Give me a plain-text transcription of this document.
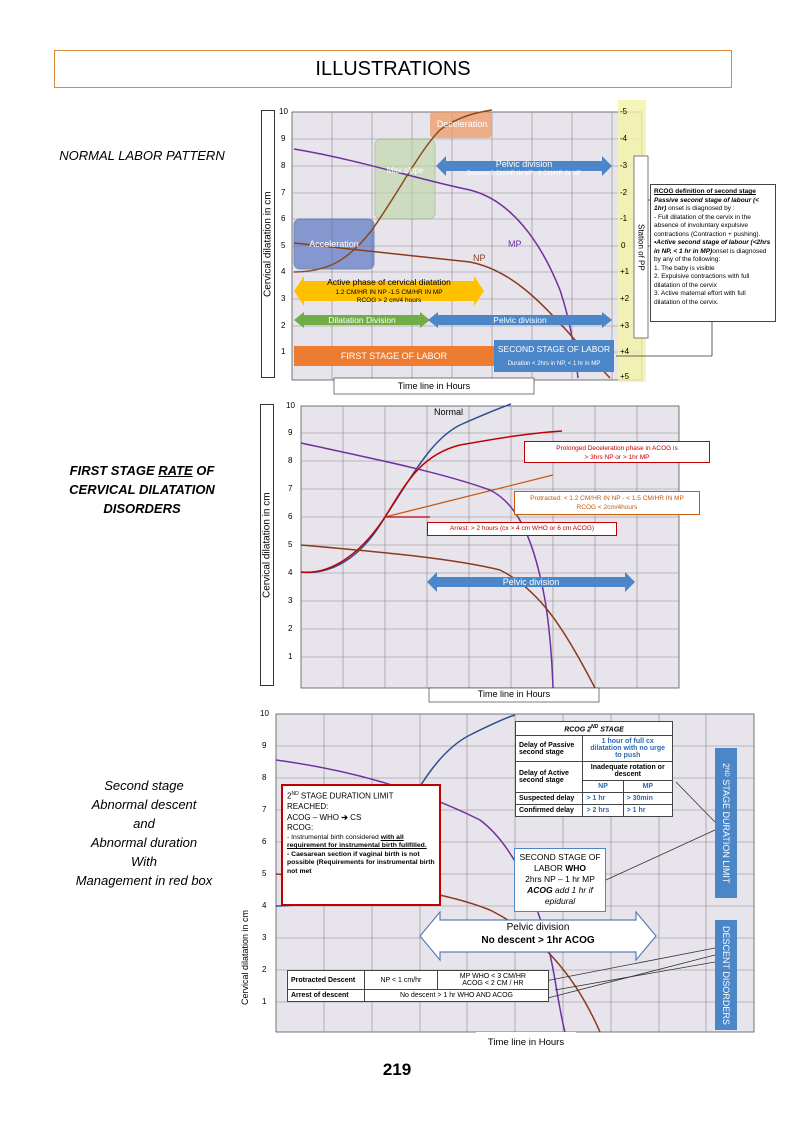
ILLUSTRATIONS
NORMAL LABOR PATTERN
FIRST STAGE RATE OF
CERVICAL DILATATION
DISORDERS
Second stage
Abnormal descent
and
Abnormal duration
With
Management in red box
Cervical dilatation in cm
10
9
8
7
6
5
4
3
2
1
-5
-4
-3
-2
-1
0
+1
+2
+3
+4
+5
Station of PP
Deceleration
Max slope
Acceleration
Pelvic division
Descent 3 CM/HR IN NP - 6 CM/HR IN MP
MP
NP
Active phase of cervical diatation
1.2 CM/HR IN NP -1.5 CM/HR IN MP
RCOG > 2 cm/4 hours
Dilatation Division	Pelvic division
FIRST STAGE OF LABOR
SECOND STAGE OF LABOR
Duration < 2hrs in NP, < 1 hr in MP
Time line in Hours
RCOG definition of second stage
Passive second stage of labour (< 1hr) onset is diagnosed by :
- Full dilatation of the cervix in the absence of involuntary expulsive contractions (Contraction + pushing).
•Active second stage of labour (<2hrs in NP, < 1 hr in MP)onset is diagnosed by any of the following:
1. The baby is visible
2. Expulsive contractions with full dilatation of the cervix
3. Active maternal effort with full dilatation of the cervix.
Cervical dilatation in cm
10
9
8
7
6
5
4
3
2
1
Normal
Prolonged Deceleration phase in ACOG is
> 3hrs NP or > 1hr MP
Protracted: < 1.2 CM/HR IN NP - < 1.5 CM/HR IN MP
RCOG < 2cm/4hours
Arrest: > 2 hours (cx > 4 cm WHO or 6 cm ACOG)
Pelvic division
Time line in Hours
Cervical dilatation in cm
10
9
8
7
6
5
4
3
2
1
2ND STAGE DURATION LIMIT
REACHED:
ACOG – WHO ➔ CS
RCOG:
- Instrumental birth considered with all requirement for instrumental birth fullfilled.
- Caesarean section if vaginal birth is not possible (Requirements for instrumental birth not met
RCOG 2ND STAGE		
Delay of Passive second stage	1 hour of full cx dilatation with no urge to push	
Delay of Active second stage	Inadequate rotation or descent	
	NP	MP
Suspected delay	> 1 hr	> 30min
Confirmed delay	> 2 hrs	> 1 hr
SECOND STAGE OF
LABOR WHO
2hrs NP – 1 hr MP
ACOG add 1 hr if
epidural
Pelvic division
No descent > 1hr ACOG
2ND STAGE DURATION LIMIT
DESCENT DISORDERS
Protracted Descent	NP < 1 cm/hr	MP WHO < 3 CM/HR
ACOG < 2 CM / HR

Arrest of descent	No descent > 1 hr WHO AND ACOG	
Time line in Hours
219
